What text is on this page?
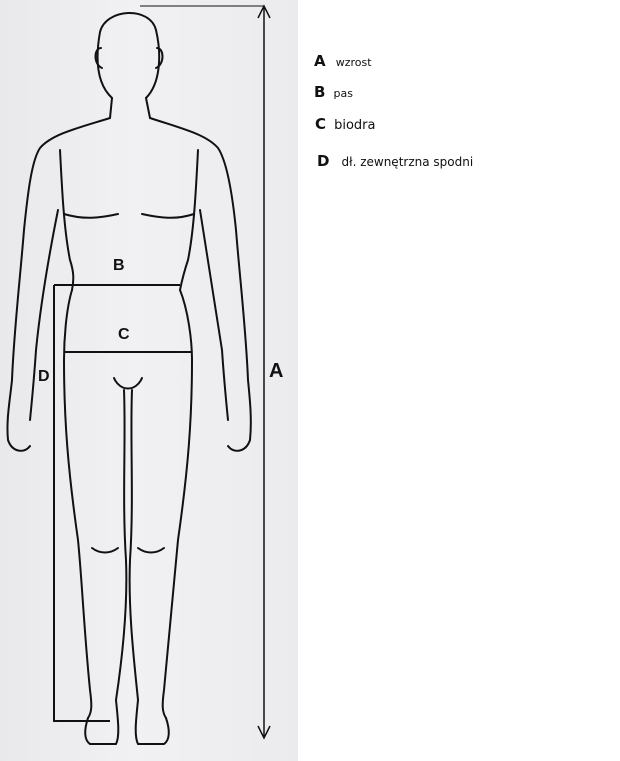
B
C
D	A
A wzrost
B pas
C biodra
D dł. zewnętrzna spodni
